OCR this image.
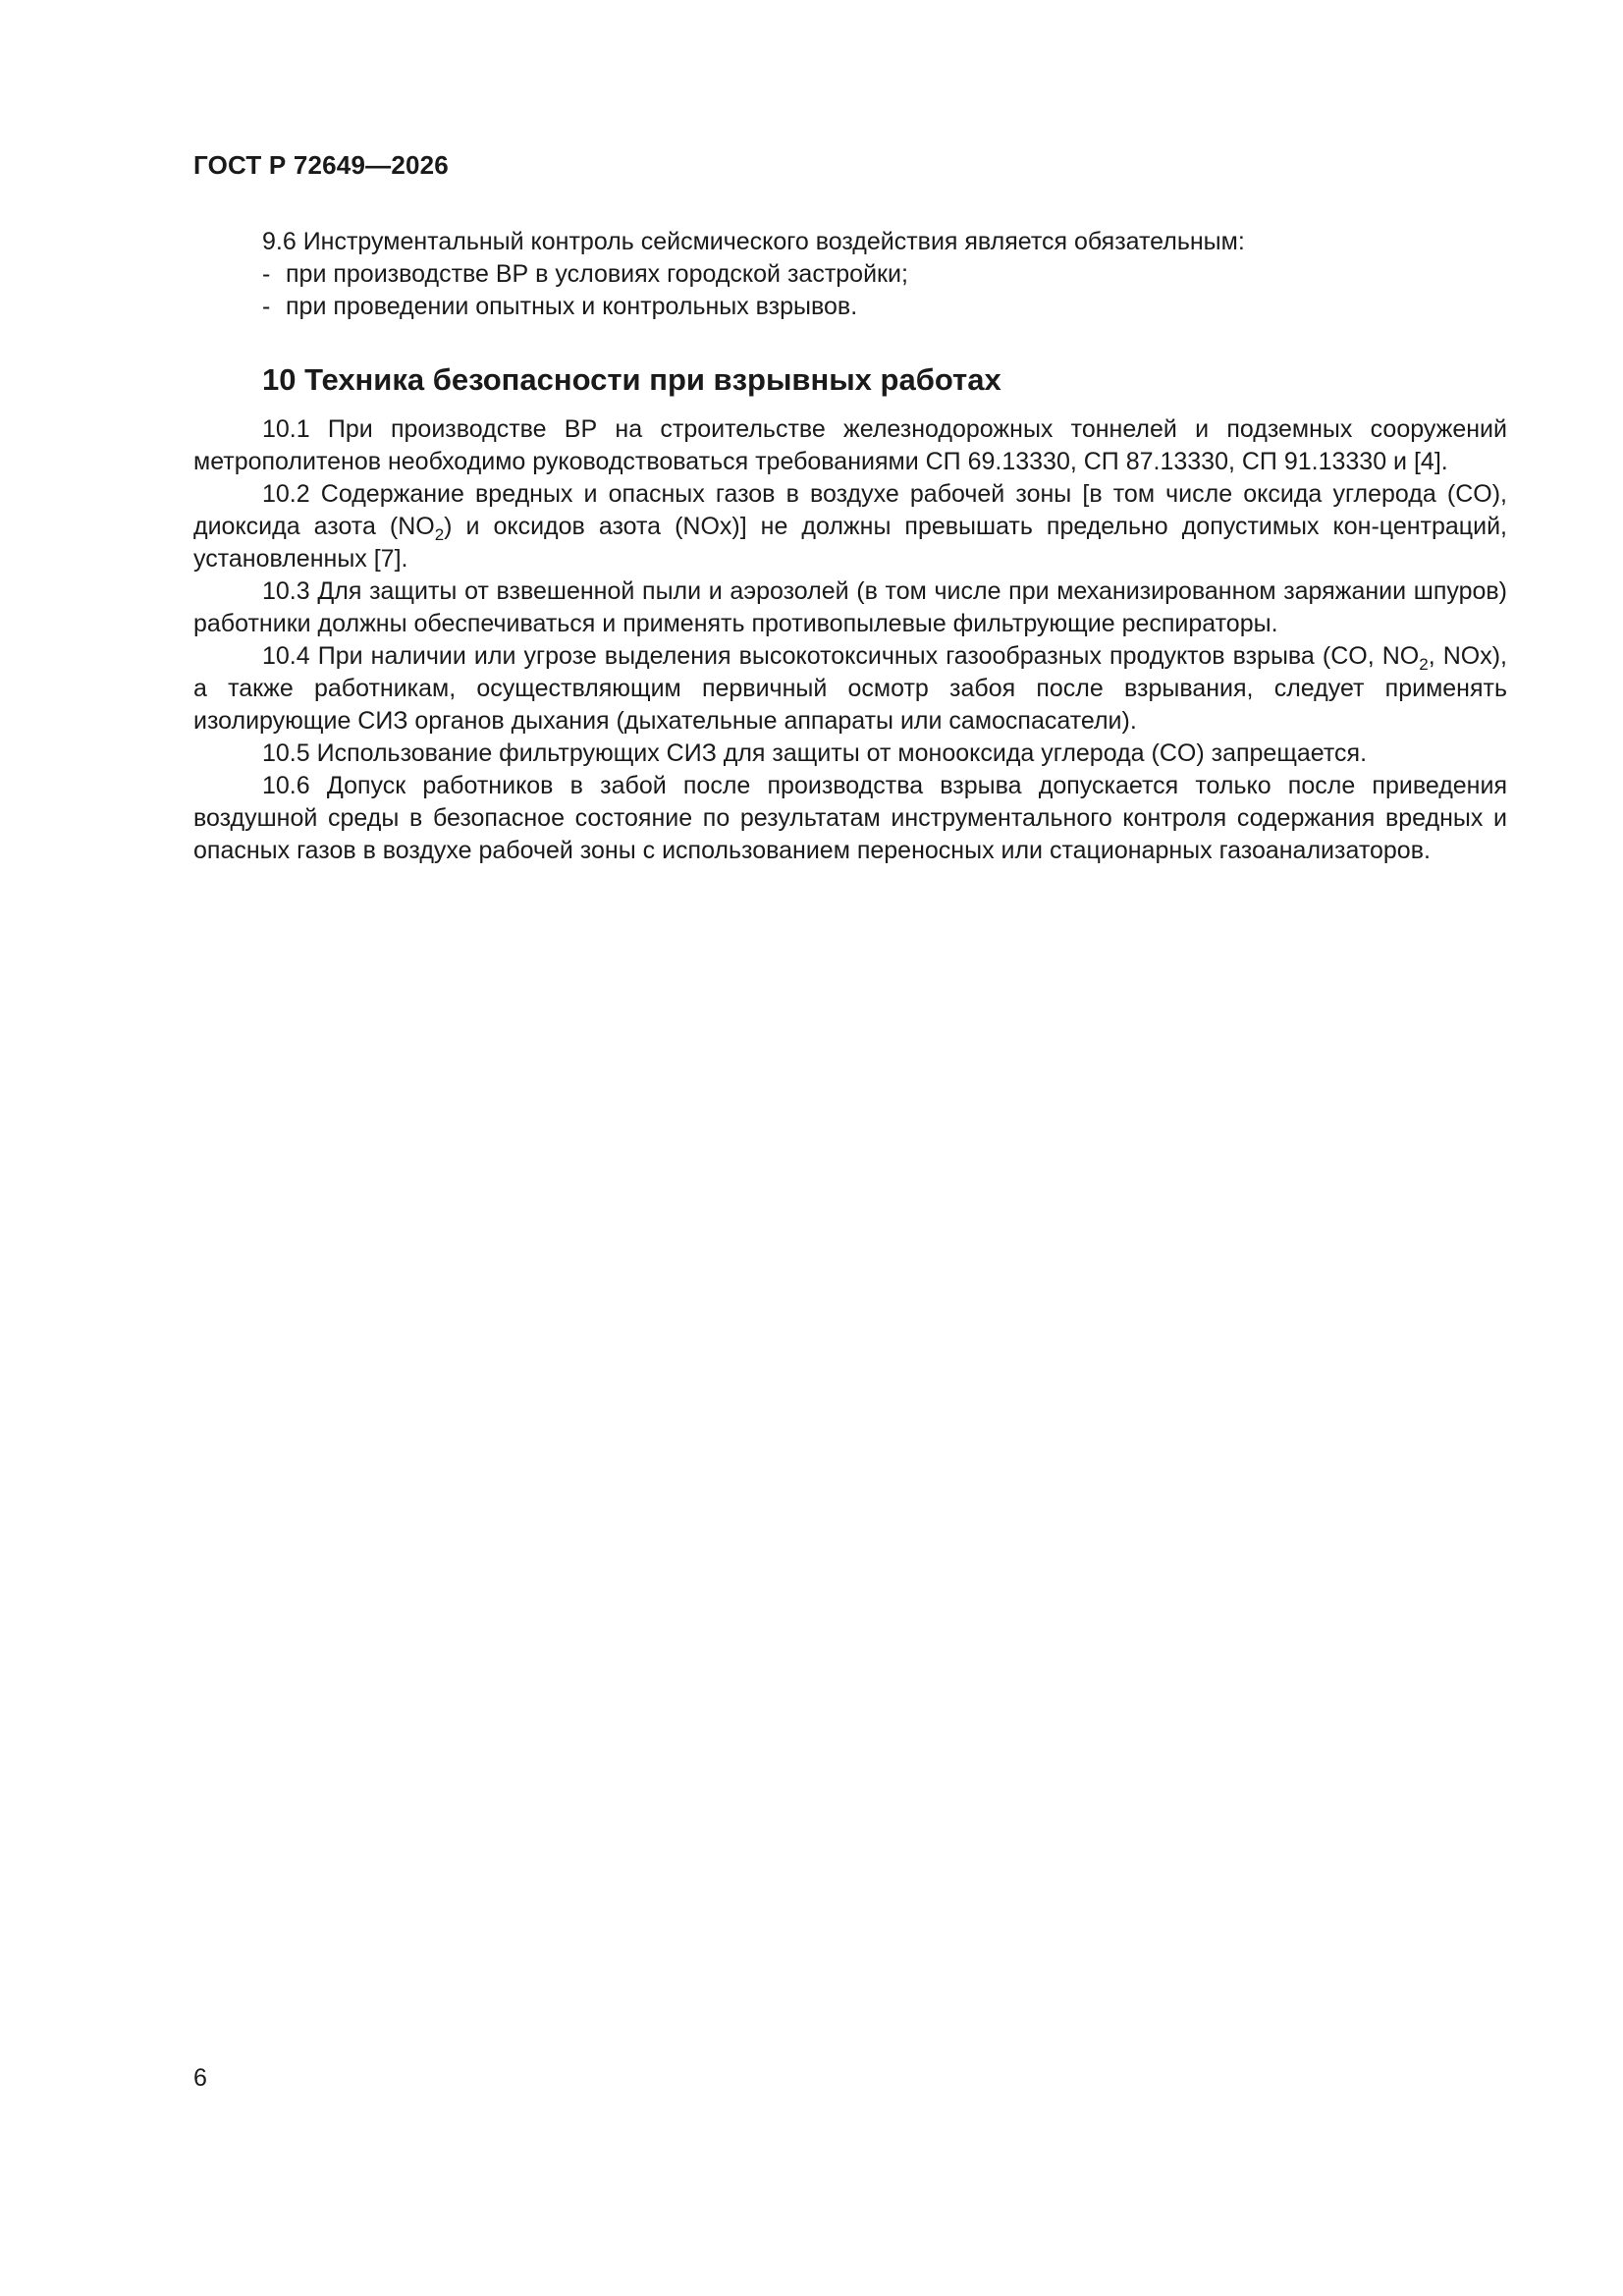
ГОСТ Р 72649—2026

9.6 Инструментальный контроль сейсмического воздействия является обязательным:

- при производстве ВР в условиях городской застройки;
- при проведении опытных и контрольных взрывов.
10 Техника безопасности при взрывных работах

10.1 При производстве ВР на строительстве железнодорожных тоннелей и подземных сооружений метрополитенов необходимо руководствоваться требованиями СП 69.13330, СП 87.13330, СП 91.13330 и [4].

10.2 Содержание вредных и опасных газов в воздухе рабочей зоны [в том числе оксида углерода (CO), диоксида азота $(NO_2)$ и оксидов азота (NOx)] не должны превышать предельно допустимых кон-центраций, установленных [7].

10.3 Для защиты от взвешенной пыли и аэрозолей (в том числе при механизированном заряжании шпуров) работники должны обеспечиваться и применять противопылевые фильтрующие респираторы.

10.4 При наличии или угрозе выделения высокотоксичных газообразных продуктов взрыва (CO, $NO_2$, NOx), а также работникам, осуществляющим первичный осмотр забоя после взрывания, следует применять изолирующие СИЗ органов дыхания (дыхательные аппараты или самоспасатели).

10.5 Использование фильтрующих СИЗ для защиты от монооксида углерода (CO) запрещается.

10.6 Допуск работников в забой после производства взрыва допускается только после приведения воздушной среды в безопасное состояние по результатам инструментального контроля содержания вредных и опасных газов в воздухе рабочей зоны с использованием переносных или стационарных газоанализаторов.

6
